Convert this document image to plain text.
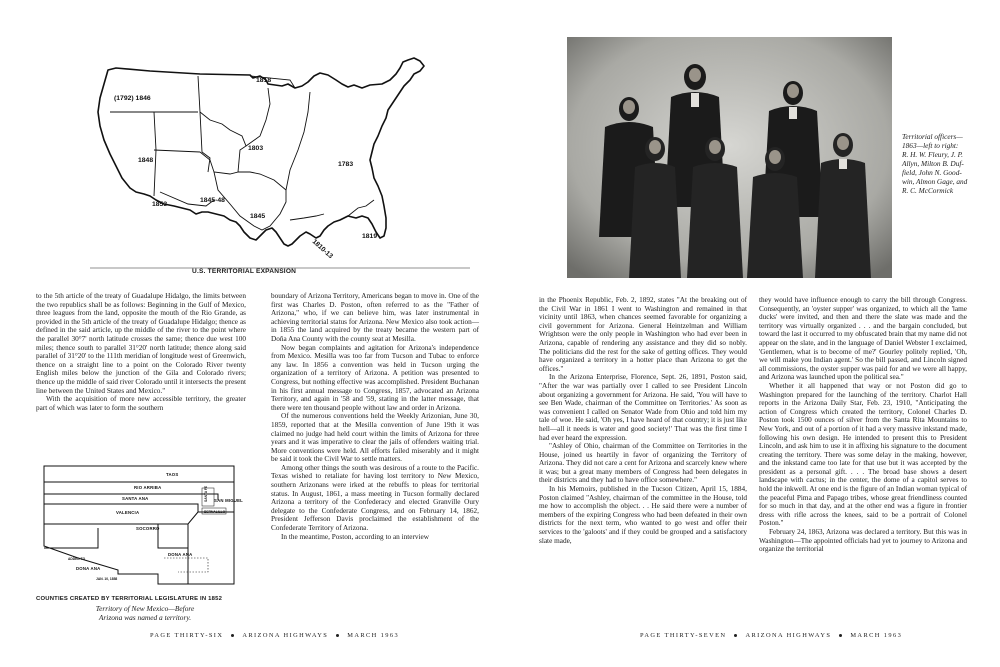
(1792) 1846
1818
1803
1783
1848
1845-48
1853
1845
1810-13
1819
U.S. TERRITORIAL EXPANSION

to the 5th article of the treaty of Guadalupe Hidalgo, the limits between the two republics shall be as follows: Beginning in the Gulf of Mexico, three leagues from the land, opposite the mouth of the Rio Grande, as provided in the 5th article of the treaty of Guadalupe Hidalgo; thence as defined in the said article, up the middle of the river to the point where the parallel 30°7' north latitude crosses the same; thence due west 100 miles; thence south to parallel 31°20' north latitude; thence along said parallel of 31°20' to the 111th meridian of longitude west of Greenwich, thence on a straight line to a point on the Colorado River twenty English miles below the junction of the Gila and Colorado rivers; thence up the middle of said river Colorado until it intersects the present line between the United States and Mexico."

With the acquisition of more new accessible territory, the greater part of which was later to form the southern

TAOS
RIO ARRIBA
SANTA ANA
VALENCIA
SOCORRO
DONA ANA
DONA ANA
SAN MIGUEL
SANTA FE
BERNALILLO
ADDED TO
JAN. 10, 1858
COUNTIES CREATED BY TERRITORIAL LEGISLATURE IN 1852
Territory of New Mexico—Before
Arizona was named a territory.

boundary of Arizona Territory, Americans began to move in. One of the first was Charles D. Poston, often referred to as the "Father of Arizona," who, if we can believe him, was later instrumental in achieving territorial status for Arizona. New Mexico also took action—in 1855 the land acquired by the treaty became the western part of Doña Ana County with the county seat at Mesilla.

Now began complaints and agitation for Arizona's independence from Mexico. Mesilla was too far from Tucson and Tubac to enforce any law. In 1856 a convention was held in Tucson urging the organization of a territory of Arizona. A petition was presented to Congress, but nothing effective was accomplished. President Buchanan in his first annual message to Congress, 1857, advocated an Arizona Territory, and again in '58 and '59, stating in the latter message, that there were ten thousand people without law and order in Arizona.

Of the numerous conventions held the Weekly Arizonian, June 30, 1859, reported that at the Mesilla convention of June 19th it was claimed no judge had held court within the limits of Arizona for three years and it was imperative to clear the jails of offenders waiting trial. More conventions were held. All efforts failed miserably and it might be said it took the Civil War to settle matters.

Among other things the south was desirous of a route to the Pacific. Texas wished to retaliate for having lost territory to New Mexico, southern Arizonans were irked at the rebuffs to pleas for territorial status. In August, 1861, a mass meeting in Tucson formally declared Arizona a territory of the Confederacy and elected Granville Oury delegate to the Confederate Congress, and on February 14, 1862, President Jefferson Davis proclaimed the establishment of the Confederate Territory of Arizona.

In the meantime, Poston, according to an interview

Territorial officers—
1863—left to right:
R. H. W. Fleury, J. P.
Allyn, Milton B. Duf-
field, John N. Good-
win, Almon Gage, and
R. C. McCormick

in the Phoenix Republic, Feb. 2, 1892, states "At the breaking out of the Civil War in 1861 I went to Washington and remained in that vicinity until 1863, when chances seemed favorable for organizing a civil government for Arizona. General Heintzelman and William Wrightson were the only people in Washington who had ever been in Arizona, capable of rendering any assistance and they did so nobly. The politicians did the rest for the sake of getting offices. They would have organized a territory in a hotter place than Arizona to get the offices."

In the Arizona Enterprise, Florence, Sept. 26, 1891, Poston said, "After the war was partially over I called to see President Lincoln about organizing a government for Arizona. He said, 'You will have to see Ben Wade, chairman of the Committee on Territories.' As soon as was convenient I called on Senator Wade from Ohio and told him my tale of woe. He said, 'Oh yes, I have heard of that country; it is just like hell—all it needs is water and good society!' That was the first time I had ever heard the expression.

"Ashley of Ohio, chairman of the Committee on Territories in the House, joined us heartily in favor of organizing the Territory of Arizona. They did not care a cent for Arizona and scarcely knew where it was; but a great many members of Congress had been delegates in their districts and they had to have office somewhere."

In his Memoirs, published in the Tucson Citizen, April 15, 1884, Poston claimed "Ashley, chairman of the committee in the House, told me how to accomplish the object. . . He said there were a number of members of the expiring Congress who had been defeated in their own districts for the next term, who wanted to go west and offer their services to the 'galoots' and if they could be grouped and a satisfactory slate made,

they would have influence enough to carry the bill through Congress. Consequently, an 'oyster supper' was organized, to which all the 'lame ducks' were invited, and then and there the slate was made and the territory was virtually organized . . . and the bargain concluded, but toward the last it occurred to my obfuscated brain that my name did not appear on the slate, and in the language of Daniel Webster I exclaimed, 'Gentlemen, what is to become of me?' Gourley politely replied, 'Oh, we will make you Indian agent.' So the bill passed, and Lincoln signed all commissions, the oyster supper was paid for and we were all happy, and Arizona was launched upon the political sea."

Whether it all happened that way or not Poston did go to Washington prepared for the launching of the territory. Charlot Hall reports in the Arizona Daily Star, Feb. 23, 1910, "Anticipating the action of Congress which created the territory, Colonel Charles D. Poston took 1500 ounces of silver from the Santa Rita Mountains to New York, and out of a portion of it had a very massive inkstand made, following his own design. He intended to present this to President Lincoln, and ask him to use it in affixing his signature to the document creating the territory. There was some delay in the making, however, and the inkstand came too late for that use but it was accepted by the president as a personal gift. . . . The broad base shows a desert landscape with cactus; in the center, the dome of a capitol serves to hold the inkwell. At one end is the figure of an Indian woman typical of the peaceful Pima and Papago tribes, whose great friendliness counted for so much in that day, and at the other end was a figure in frontier dress with rifle across the knees, said to be a portrait of Colonel Poston."

February 24, 1863, Arizona was declared a territory. But this was in Washington—The appointed officials had yet to journey to Arizona and organize the territorial

PAGE THIRTY-SIX	ARIZONA HIGHWAYS	MARCH 1963	PAGE THIRTY-SEVEN	ARIZONA HIGHWAYS	MARCH 1963
